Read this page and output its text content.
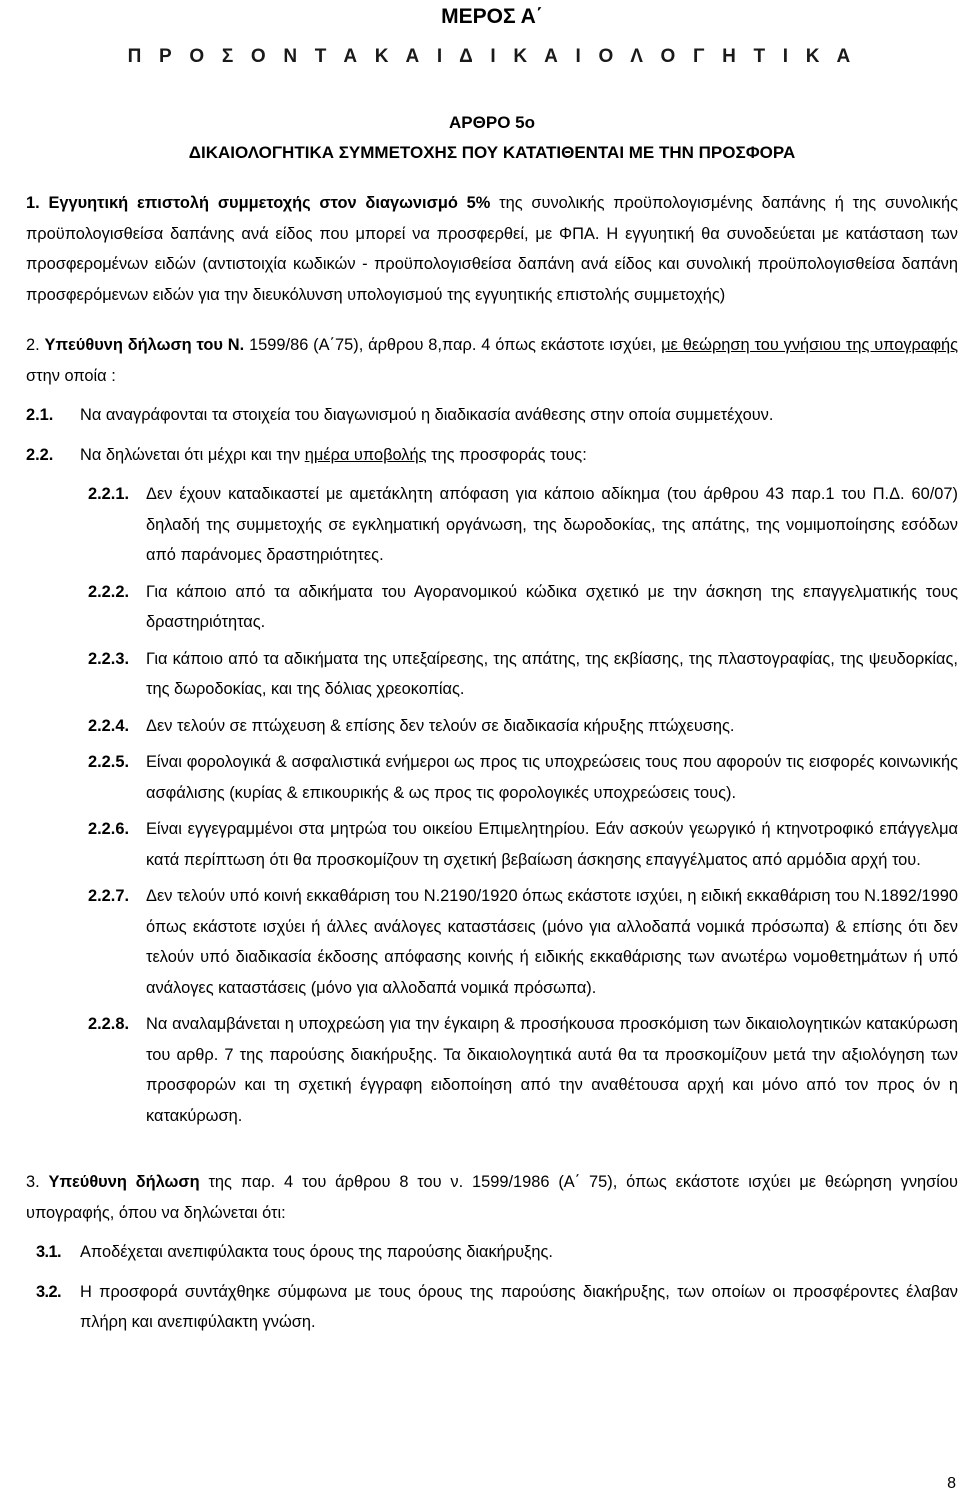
ΜΕΡΟΣ Α΄
Π Ρ Ο Σ Ο Ν Τ Α Κ Α Ι Δ Ι Κ Α Ι Ο Λ Ο Γ Η Τ Ι Κ Α
ΑΡΘΡΟ 5ο
ΔΙΚΑΙΟΛΟΓΗΤΙΚΑ ΣΥΜΜΕΤΟΧΗΣ ΠΟΥ ΚΑΤΑΤΙΘΕΝΤΑΙ ΜΕ ΤΗΝ ΠΡΟΣΦΟΡΑ

1. Εγγυητική επιστολή συμμετοχής στον διαγωνισμό 5% της συνολικής προϋπολογισμένης δαπάνης ή της συνολικής προϋπολογισθείσα δαπάνης ανά είδος που μπορεί να προσφερθεί, με ΦΠΑ. Η εγγυητική θα συνοδεύεται με κατάσταση των προσφερομένων ειδών (αντιστοιχία κωδικών - προϋπολογισθείσα δαπάνη ανά είδος και συνολική προϋπολογισθείσα δαπάνη προσφερόμενων ειδών για την διευκόλυνση υπολογισμού της εγγυητικής επιστολής συμμετοχής)

2. Υπεύθυνη δήλωση του Ν. 1599/86 (Α΄75), άρθρου 8,παρ. 4 όπως εκάστοτε ισχύει, με θεώρηση του γνήσιου της υπογραφής στην οποία :

2.1.	Να αναγράφονται τα στοιχεία του διαγωνισμού η διαδικασία ανάθεσης στην οποία συμμετέχουν.
2.2.	Να δηλώνεται ότι μέχρι και την ημέρα υποβολής της προσφοράς τους:
2.2.1.	Δεν έχουν καταδικαστεί με αμετάκλητη απόφαση για κάποιο αδίκημα (του άρθρου 43 παρ.1 του Π.Δ. 60/07) δηλαδή της συμμετοχής σε εγκληματική οργάνωση, της δωροδοκίας, της απάτης, της νομιμοποίησης εσόδων από παράνομες δραστηριότητες.
2.2.2.	Για κάποιο από τα αδικήματα του Αγορανομικού κώδικα σχετικό με την άσκηση της επαγγελματικής τους δραστηριότητας.
2.2.3.	Για κάποιο από τα αδικήματα της υπεξαίρεσης, της απάτης, της εκβίασης, της πλαστογραφίας, της ψευδορκίας, της δωροδοκίας, και της δόλιας χρεοκοπίας.
2.2.4.	Δεν τελούν σε πτώχευση & επίσης δεν τελούν σε διαδικασία κήρυξης πτώχευσης.
2.2.5.	Είναι φορολογικά & ασφαλιστικά ενήμεροι ως προς τις υποχρεώσεις τους που αφορούν τις εισφορές κοινωνικής ασφάλισης (κυρίας & επικουρικής & ως προς τις φορολογικές υποχρεώσεις τους).
2.2.6.	Είναι εγγεγραμμένοι στα μητρώα του οικείου Επιμελητηρίου. Εάν ασκούν γεωργικό ή κτηνοτροφικό επάγγελμα κατά περίπτωση ότι θα προσκομίζουν τη σχετική βεβαίωση άσκησης επαγγέλματος από αρμόδια αρχή του.
2.2.7.	Δεν τελούν υπό κοινή εκκαθάριση του Ν.2190/1920 όπως εκάστοτε ισχύει, η ειδική εκκαθάριση του Ν.1892/1990 όπως εκάστοτε ισχύει ή άλλες ανάλογες καταστάσεις (μόνο για αλλοδαπά νομικά πρόσωπα) & επίσης ότι δεν τελούν υπό διαδικασία έκδοσης απόφασης κοινής ή ειδικής εκκαθάρισης των ανωτέρω νομοθετημάτων ή υπό ανάλογες καταστάσεις (μόνο για αλλοδαπά νομικά πρόσωπα).
2.2.8.	Να αναλαμβάνεται η υποχρεώση για την έγκαιρη & προσήκουσα προσκόμιση των δικαιολογητικών κατακύρωση του αρθρ. 7 της παρούσης διακήρυξης. Τα δικαιολογητικά αυτά θα τα προσκομίζουν μετά την αξιολόγηση των προσφορών και τη σχετική έγγραφη ειδοποίηση από την αναθέτουσα αρχή και μόνο από τον προς όν η κατακύρωση.

3. Υπεύθυνη δήλωση της παρ. 4 του άρθρου 8 του ν. 1599/1986 (Α΄ 75), όπως εκάστοτε ισχύει με θεώρηση γνησίου υπογραφής, όπου να δηλώνεται ότι:

3.1.	Αποδέχεται ανεπιφύλακτα τους όρους της παρούσης διακήρυξης.
3.2.	Η προσφορά συντάχθηκε σύμφωνα με τους όρους της παρούσης διακήρυξης, των οποίων οι προσφέροντες έλαβαν πλήρη και ανεπιφύλακτη γνώση.
8
